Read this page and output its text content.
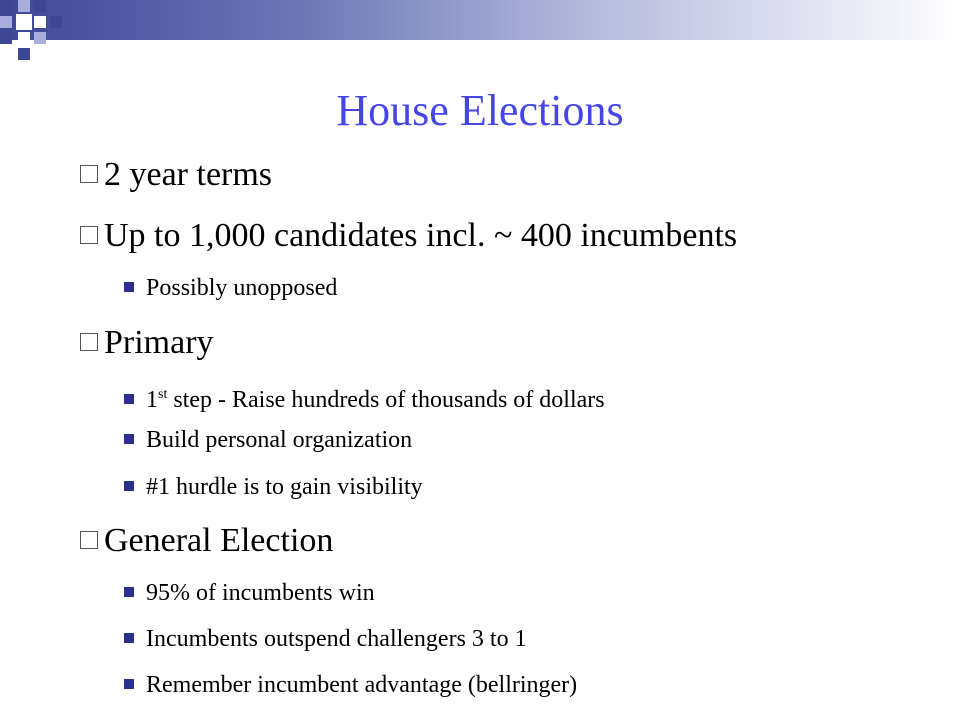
House Elections
2 year terms
Up to 1,000 candidates incl. ~ 400 incumbents
Possibly unopposed
Primary
1st step - Raise hundreds of thousands of dollars
Build personal organization
#1 hurdle is to gain visibility
General Election
95% of incumbents win
Incumbents outspend challengers 3 to 1
Remember incumbent advantage (bellringer)
